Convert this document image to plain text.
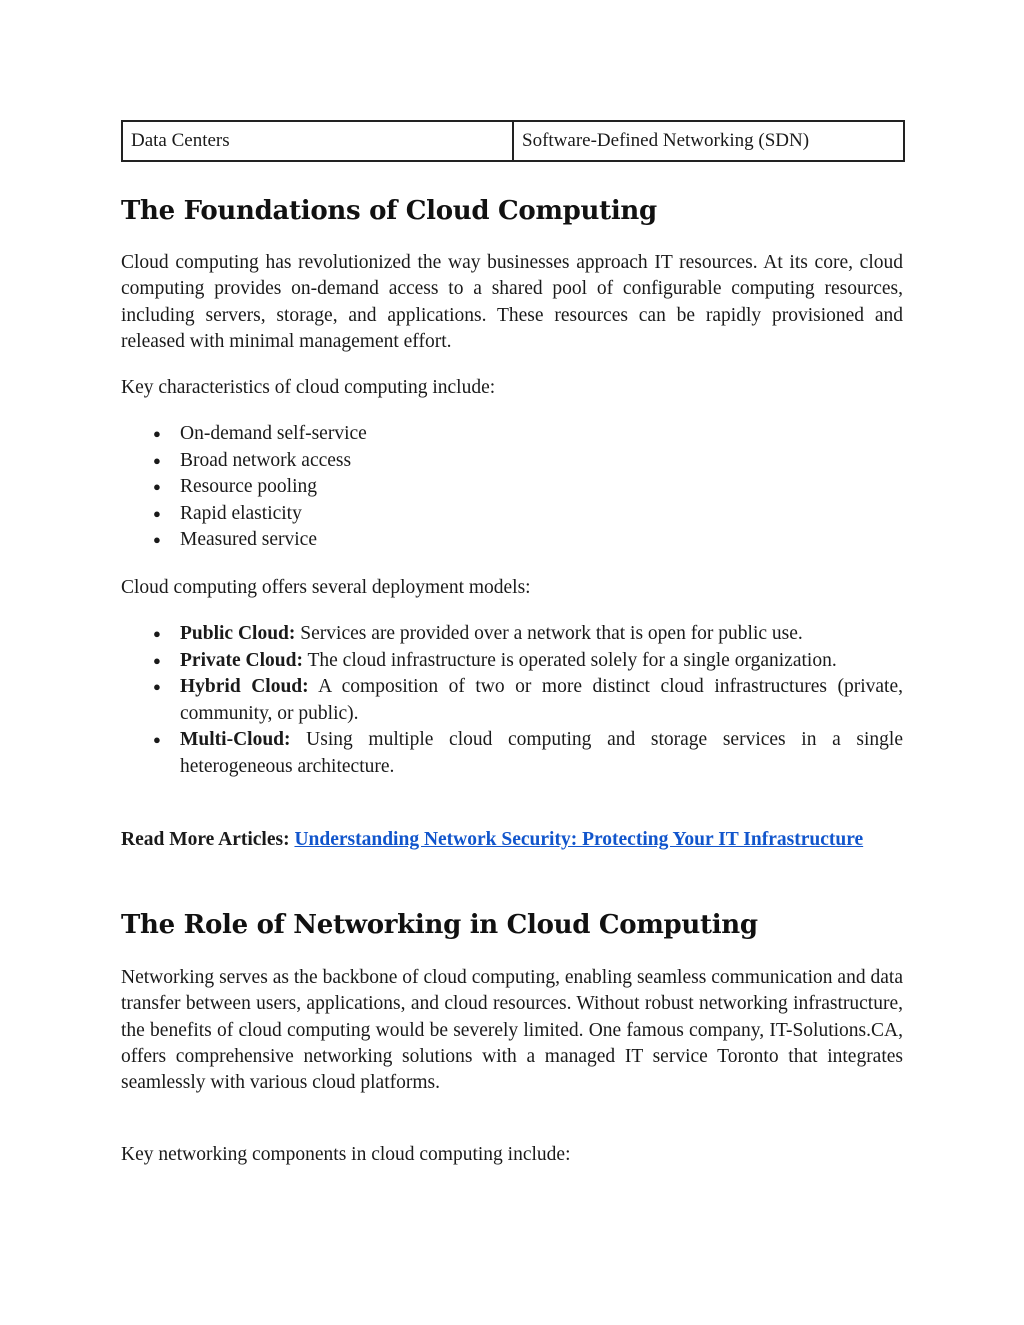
Data Centers	Software-Defined Networking (SDN)
The Foundations of Cloud Computing

Cloud computing has revolutionized the way businesses approach IT resources. At its core, cloud computing provides on-demand access to a shared pool of configurable computing resources, including servers, storage, and applications. These resources can be rapidly provisioned and released with minimal management effort.

Key characteristics of cloud computing include:

● On-demand self-service
● Broad network access
● Resource pooling
● Rapid elasticity
● Measured service

Cloud computing offers several deployment models:

● Public Cloud: Services are provided over a network that is open for public use.
● Private Cloud: The cloud infrastructure is operated solely for a single organization.
● Hybrid Cloud: A composition of two or more distinct cloud infrastructures (private, community, or public).
● Multi-Cloud: Using multiple cloud computing and storage services in a single heterogeneous architecture.

Read More Articles: Understanding Network Security: Protecting Your IT Infrastructure

The Role of Networking in Cloud Computing

Networking serves as the backbone of cloud computing, enabling seamless communication and data transfer between users, applications, and cloud resources. Without robust networking infrastructure, the benefits of cloud computing would be severely limited. One famous company, IT-Solutions.CA, offers comprehensive networking solutions with a managed IT service Toronto that integrates seamlessly with various cloud platforms.

Key networking components in cloud computing include:
